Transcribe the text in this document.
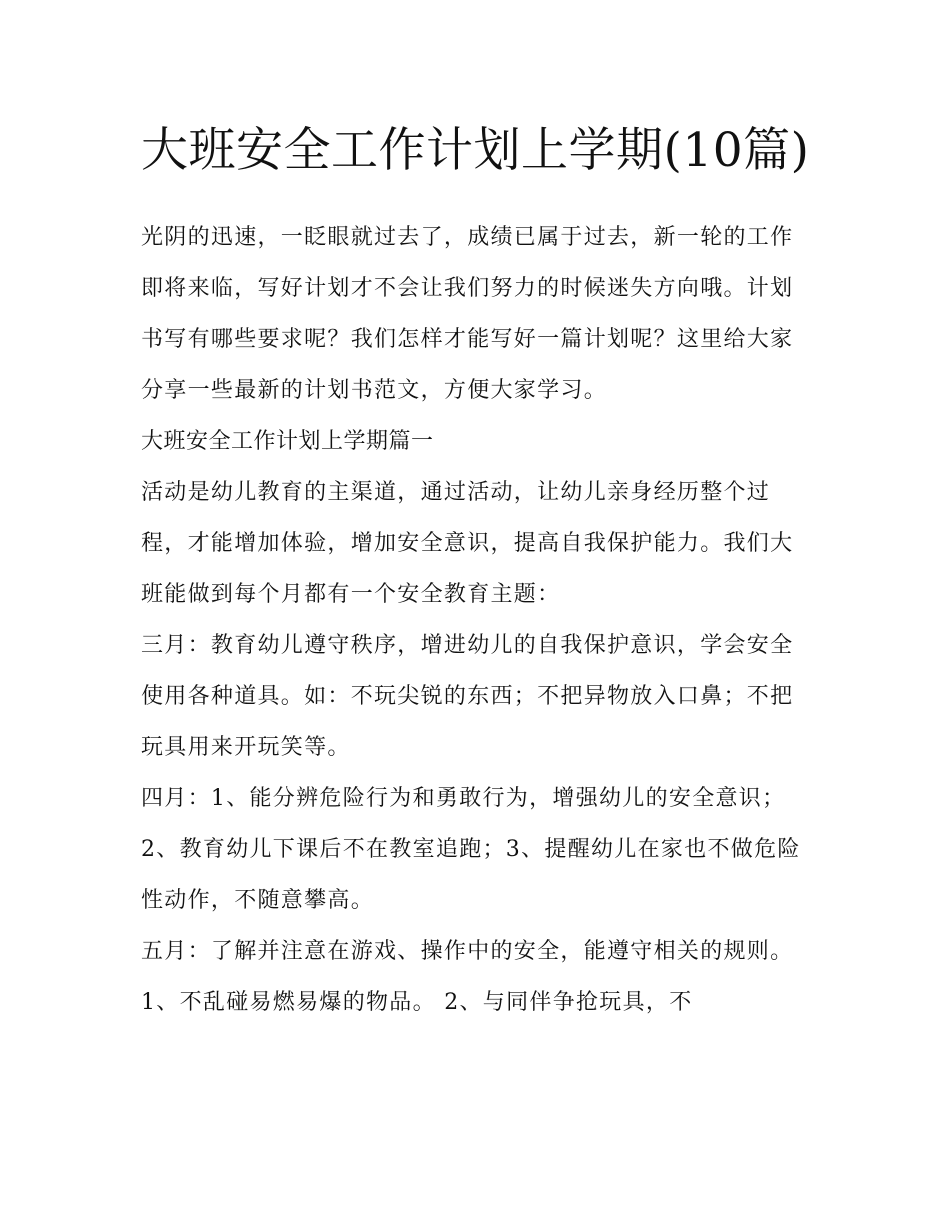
大班安全工作计划上学期(10篇)

光阴的迅速，一眨眼就过去了，成绩已属于过去，新一轮的工作即将来临，写好计划才不会让我们努力的时候迷失方向哦。计划书写有哪些要求呢？我们怎样才能写好一篇计划呢？这里给大家分享一些最新的计划书范文，方便大家学习。

大班安全工作计划上学期篇一

活动是幼儿教育的主渠道，通过活动，让幼儿亲身经历整个过程，才能增加体验，增加安全意识，提高自我保护能力。我们大班能做到每个月都有一个安全教育主题：

三月：教育幼儿遵守秩序，增进幼儿的自我保护意识，学会安全使用各种道具。如：不玩尖锐的东西；不把异物放入口鼻；不把玩具用来开玩笑等。

四月：1、能分辨危险行为和勇敢行为，增强幼儿的安全意识；2、教育幼儿下课后不在教室追跑；3、提醒幼儿在家也不做危险性动作，不随意攀高。

五月：了解并注意在游戏、操作中的安全，能遵守相关的规则。 1、不乱碰易燃易爆的物品。 2、与同伴争抢玩具，不
